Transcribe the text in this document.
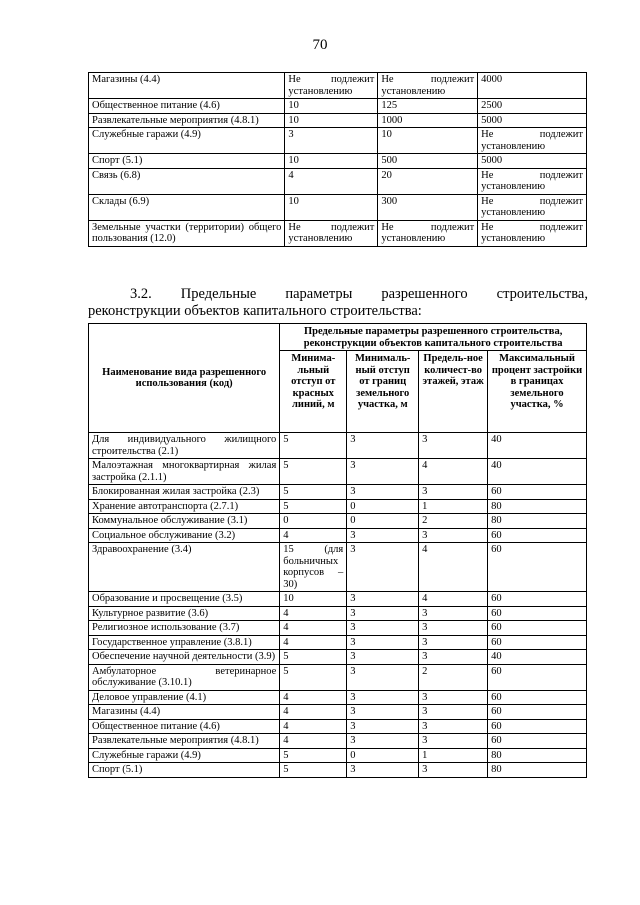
70
Магазины (4.4)	Не подлежит установлению	Не подлежит установлению	4000
Общественное питание (4.6)	10	125	2500
Развлекательные мероприятия (4.8.1)	10	1000	5000
Служебные гаражи (4.9)	3	10	Не подлежит установлению
Спорт (5.1)	10	500	5000
Связь (6.8)	4	20	Не подлежит установлению
Склады (6.9)	10	300	Не подлежит установлению
Земельные участки (территории) общего пользования (12.0)	Не подлежит установлению	Не подлежит установлению	Не подлежит установлению
3.2. Предельные параметры разрешенного строительства,
реконструкции объектов капитального строительства:
Наименование вида разрешенного использования (код)	Предельные параметры разрешенного строительства, реконструкции объектов капитального строительства			
	Минима-льный отступ от красных линий, м	Минималь-ный отступ от границ земельного участка, м	Предель-ное количест-во этажей, этаж	Максимальный процент застройки в границах земельного участка, %
Для индивидуального жилищного строительства (2.1)	5	3	3	40
Малоэтажная многоквартирная жилая застройка (2.1.1)	5	3	4	40
Блокированная жилая застройка (2.3)	5	3	3	60
Хранение автотранспорта (2.7.1)	5	0	1	80
Коммунальное обслуживание (3.1)	0	0	2	80
Социальное обслуживание (3.2)	4	3	3	60
Здравоохранение (3.4)	15 (для больничных корпусов – 30)	3	4	60
Образование и просвещение (3.5)	10	3	4	60
Культурное развитие (3.6)	4	3	3	60
Религиозное использование (3.7)	4	3	3	60
Государственное управление (3.8.1)	4	3	3	60
Обеспечение научной деятельности (3.9)	5	3	3	40
Амбулаторное ветеринарное обслуживание (3.10.1)	5	3	2	60
Деловое управление (4.1)	4	3	3	60
Магазины (4.4)	4	3	3	60
Общественное питание (4.6)	4	3	3	60
Развлекательные мероприятия (4.8.1)	4	3	3	60
Служебные гаражи (4.9)	5	0	1	80
Спорт (5.1)	5	3	3	80
